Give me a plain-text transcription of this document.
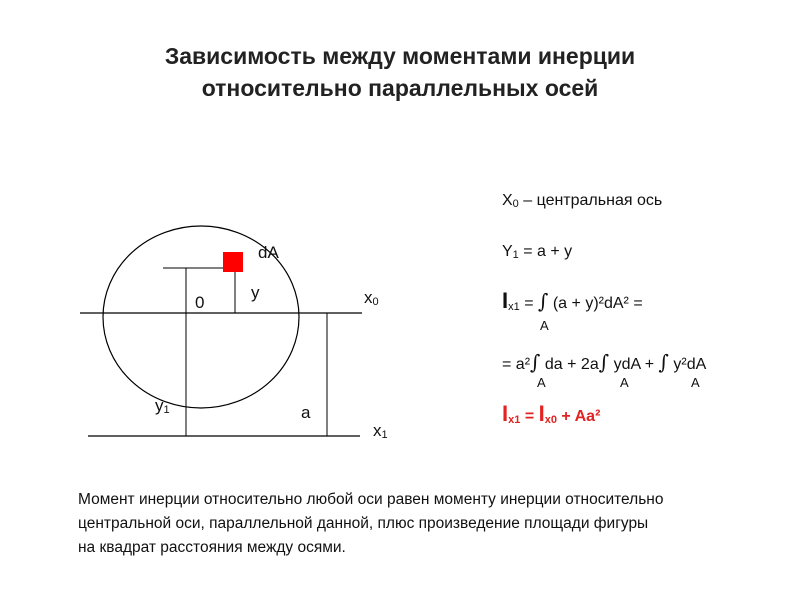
Зависимость между моментами инерции
относительно параллельных осей
dA
0
y	$x_0$
$y_1$	a
$x_1$
$X_0$ – центральная ось
$Y_1 = a + y$
$I_{x1}$ = ∫ (a + y)²dA² =
A
= a²∫ da + 2a∫ ydA + ∫ y²dA
A	A	A
$I_{x1} = I_{x0} + Aa^2$
Момент инерции относительно любой оси равен моменту инерции относительно
центральной оси, параллельной данной, плюс произведение площади фигуры
на квадрат расстояния между осями.
